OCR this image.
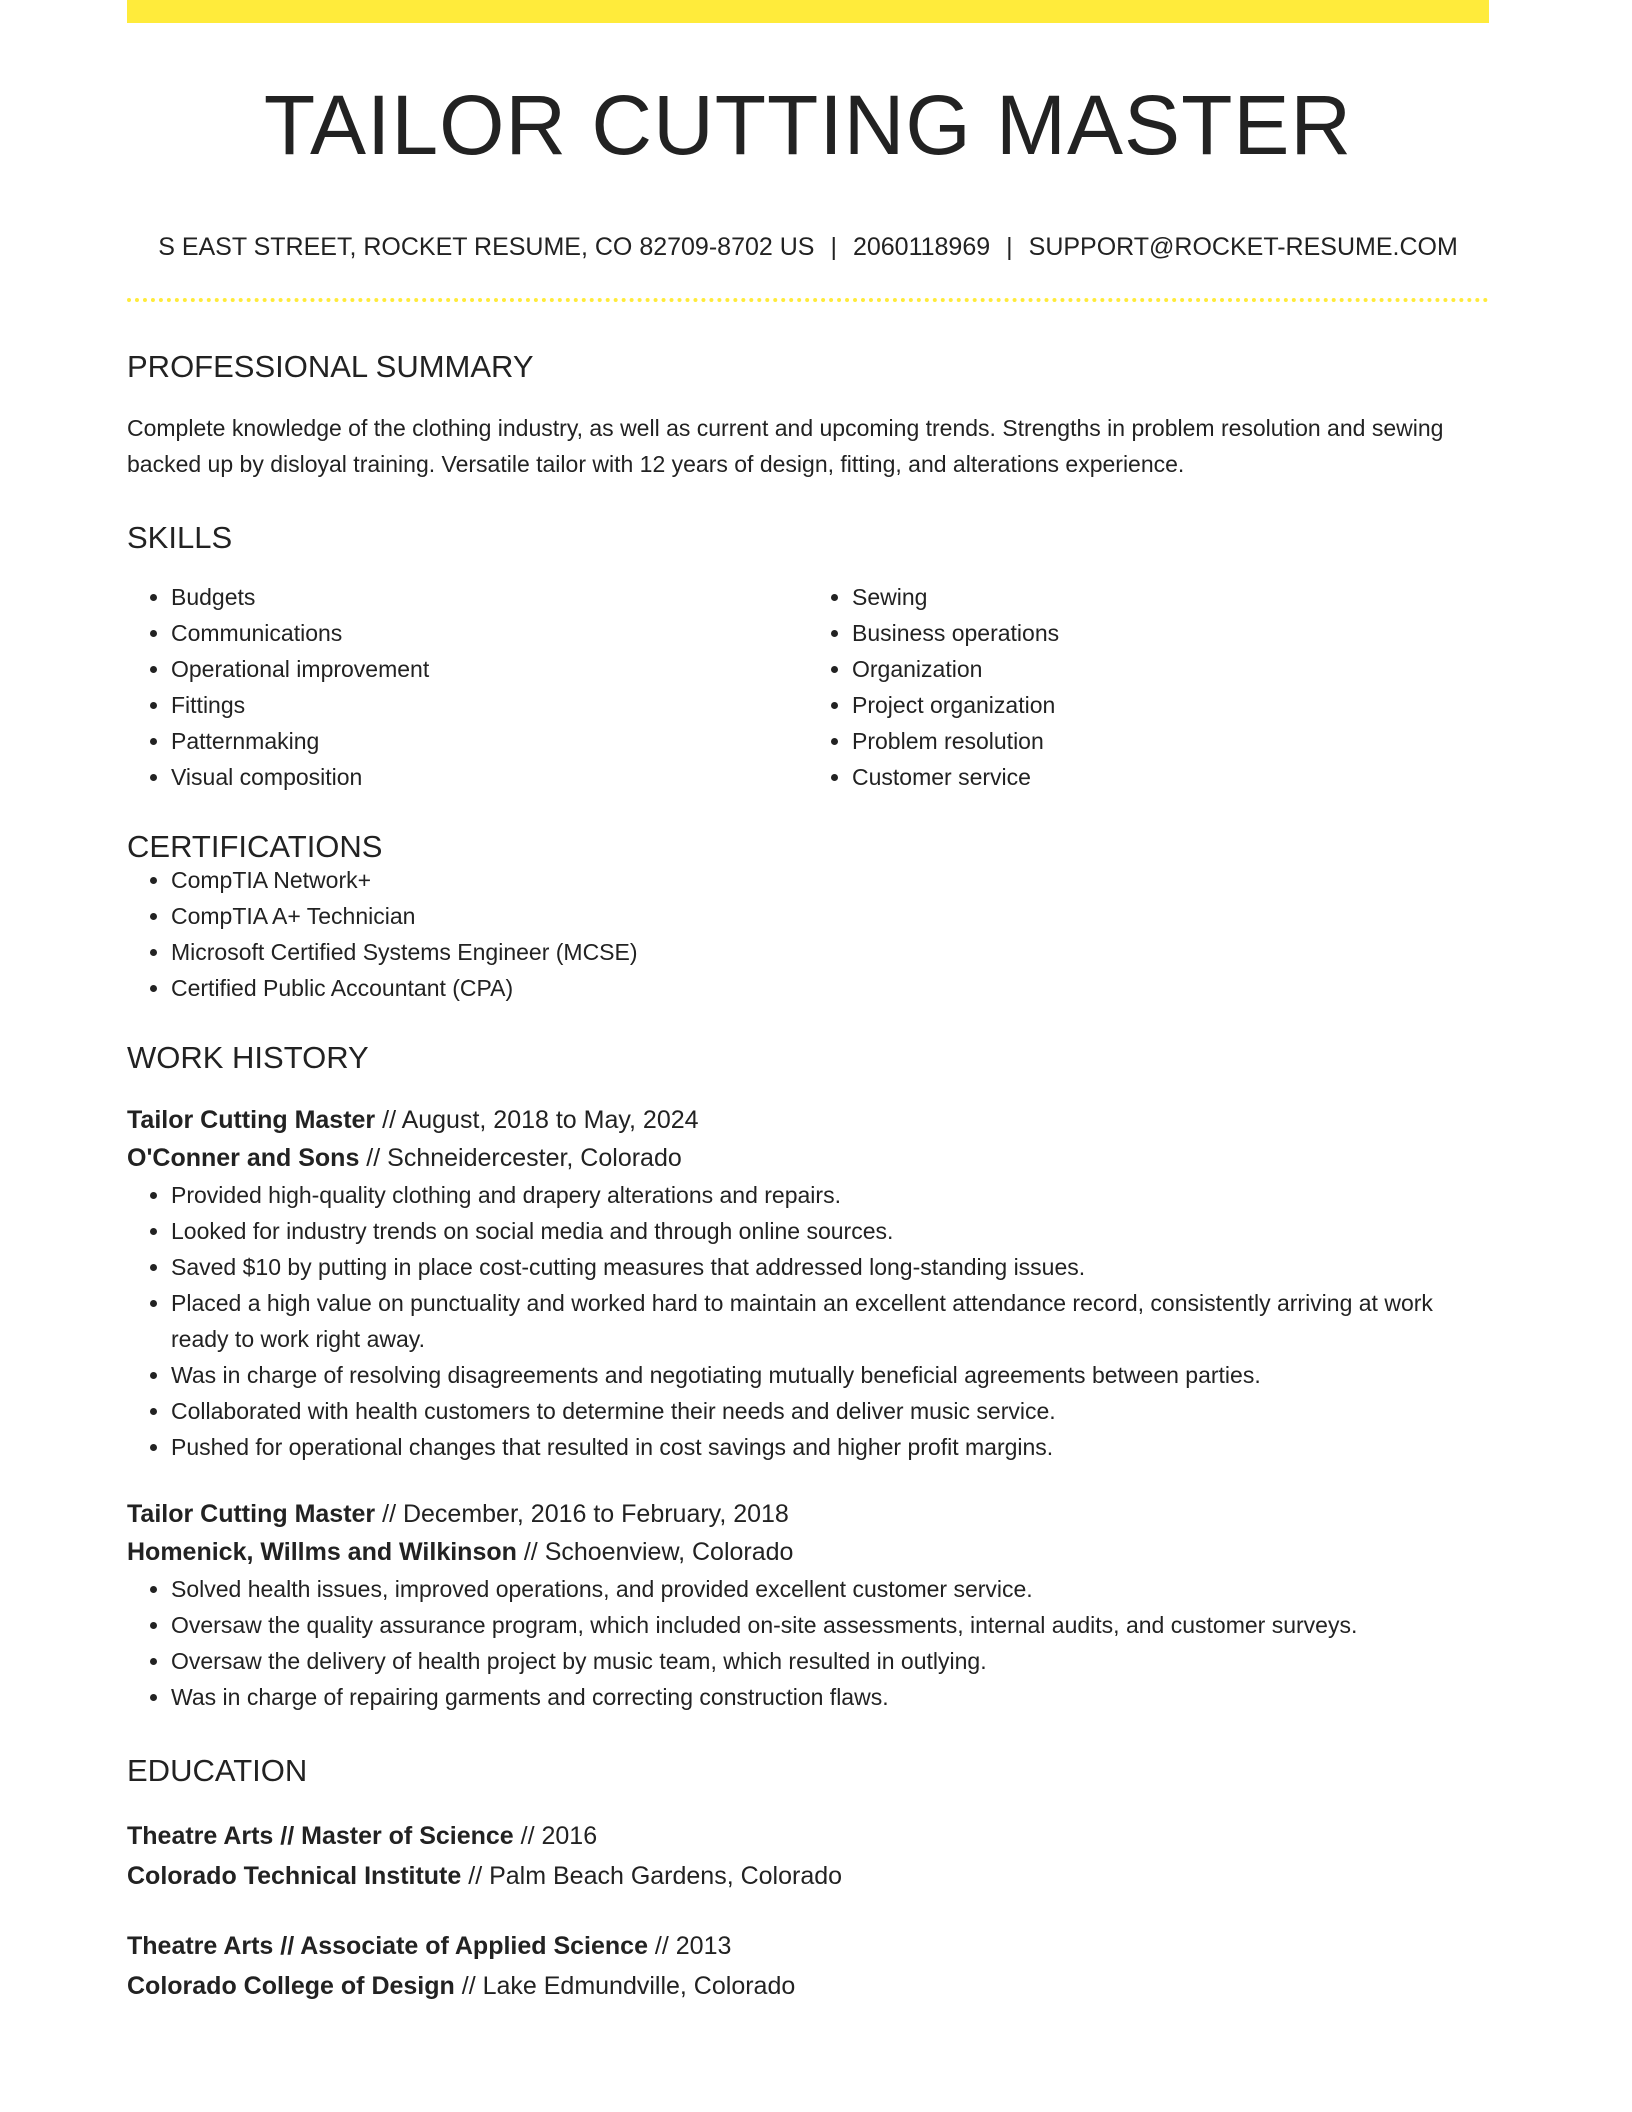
TAILOR CUTTING MASTER
S EAST STREET, ROCKET RESUME, CO 82709-8702 US | 2060118969 | SUPPORT@ROCKET-RESUME.COM
PROFESSIONAL SUMMARY
Complete knowledge of the clothing industry, as well as current and upcoming trends. Strengths in problem resolution and sewing backed up by disloyal training. Versatile tailor with 12 years of design, fitting, and alterations experience.
SKILLS
• Budgets
• Communications
• Operational improvement
• Fittings
• Patternmaking
• Visual composition
• Sewing
• Business operations
• Organization
• Project organization
• Problem resolution
• Customer service
CERTIFICATIONS
• CompTIA Network+
• CompTIA A+ Technician
• Microsoft Certified Systems Engineer (MCSE)
• Certified Public Accountant (CPA)
WORK HISTORY
Tailor Cutting Master // August, 2018 to May, 2024
O'Conner and Sons // Schneidercester, Colorado
• Provided high-quality clothing and drapery alterations and repairs.
• Looked for industry trends on social media and through online sources.
• Saved $10 by putting in place cost-cutting measures that addressed long-standing issues.
• Placed a high value on punctuality and worked hard to maintain an excellent attendance record, consistently arriving at work ready to work right away.
• Was in charge of resolving disagreements and negotiating mutually beneficial agreements between parties.
• Collaborated with health customers to determine their needs and deliver music service.
• Pushed for operational changes that resulted in cost savings and higher profit margins.
Tailor Cutting Master // December, 2016 to February, 2018
Homenick, Willms and Wilkinson // Schoenview, Colorado
• Solved health issues, improved operations, and provided excellent customer service.
• Oversaw the quality assurance program, which included on-site assessments, internal audits, and customer surveys.
• Oversaw the delivery of health project by music team, which resulted in outlying.
• Was in charge of repairing garments and correcting construction flaws.
EDUCATION
Theatre Arts // Master of Science // 2016
Colorado Technical Institute // Palm Beach Gardens, Colorado
Theatre Arts // Associate of Applied Science // 2013
Colorado College of Design // Lake Edmundville, Colorado
